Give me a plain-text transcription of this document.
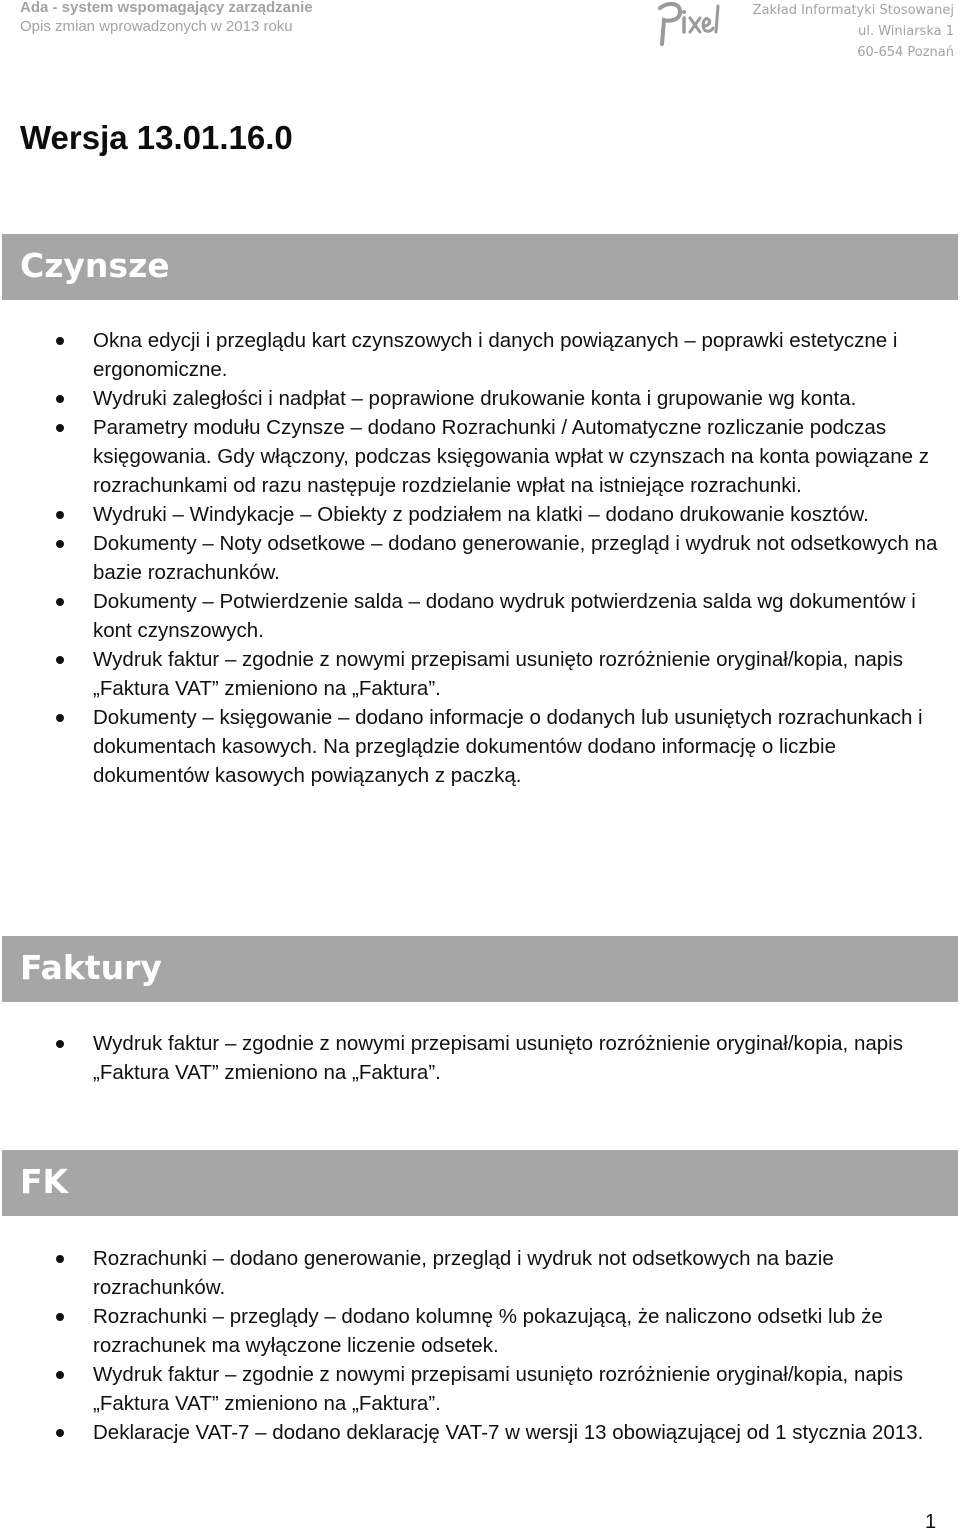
Ada - system wspomagający zarządzanie
Opis zmian wprowadzonych w 2013 roku
Zakład Informatyki Stosowanej
ul. Winiarska 1
60-654 Poznań
Wersja 13.01.16.0
Czynsze
Okna edycji i przeglądu kart czynszowych i danych powiązanych – poprawki estetyczne i ergonomiczne.
Wydruki zaległości i nadpłat – poprawione drukowanie konta i grupowanie wg konta.
Parametry modułu Czynsze – dodano Rozrachunki / Automatyczne rozliczanie podczas księgowania. Gdy włączony, podczas księgowania wpłat w czynszach na konta powiązane z rozrachunkami od razu następuje rozdzielanie wpłat na istniejące rozrachunki.
Wydruki – Windykacje – Obiekty z podziałem na klatki – dodano drukowanie kosztów.
Dokumenty – Noty odsetkowe – dodano generowanie, przegląd i wydruk not odsetkowych na bazie rozrachunków.
Dokumenty – Potwierdzenie salda – dodano wydruk potwierdzenia salda wg dokumentów i kont czynszowych.
Wydruk faktur – zgodnie z nowymi przepisami usunięto rozróżnienie oryginał/kopia, napis „Faktura VAT” zmieniono na „Faktura”.
Dokumenty – księgowanie – dodano informacje o dodanych lub usuniętych rozrachunkach i dokumentach kasowych. Na przeglądzie dokumentów dodano informację o liczbie dokumentów kasowych powiązanych z paczką.
Faktury
Wydruk faktur – zgodnie z nowymi przepisami usunięto rozróżnienie oryginał/kopia, napis „Faktura VAT” zmieniono na „Faktura”.
FK
Rozrachunki – dodano generowanie, przegląd i wydruk not odsetkowych na bazie rozrachunków.
Rozrachunki – przeglądy – dodano kolumnę % pokazującą, że naliczono odsetki lub że rozrachunek ma wyłączone liczenie odsetek.
Wydruk faktur – zgodnie z nowymi przepisami usunięto rozróżnienie oryginał/kopia, napis „Faktura VAT” zmieniono na „Faktura”.
Deklaracje VAT-7 – dodano deklarację VAT-7 w wersji 13 obowiązującej od 1 stycznia 2013.
1
